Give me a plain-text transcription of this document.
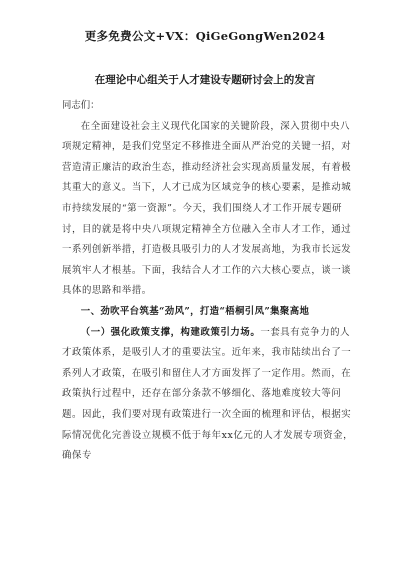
更多免费公文+VX：QiGeGongWen2024
在理论中心组关于人才建设专题研讨会上的发言

同志们：

在全面建设社会主义现代化国家的关键阶段，深入贯彻中央八项规定精神，是我们党坚定不移推进全面从严治党的关键一招，对营造清正廉洁的政治生态，推动经济社会实现高质量发展，有着极其重大的意义。当下，人才已成为区域竞争的核心要素，是推动城市持续发展的“第一资源”。今天，我们围绕人才工作开展专题研讨，目的就是将中央八项规定精神全方位融入全市人才工作，通过一系列创新举措，打造极具吸引力的人才发展高地，为我市长远发展筑牢人才根基。下面，我结合人才工作的六大核心要点，谈一谈具体的思路和举措。

一、劲吹平台筑基“劲风”，打造“梧桐引凤”集聚高地

（一）强化政策支撑，构建政策引力场。一套具有竞争力的人才政策体系，是吸引人才的重要法宝。近年来，我市陆续出台了一系列人才政策，在吸引和留住人才方面发挥了一定作用。然而，在政策执行过程中，还存在部分条款不够细化、落地难度较大等问题。因此，我们要对现有政策进行一次全面的梳理和评估，根据实际情况优化完善设立规模不低于每年xx亿元的人才发展专项资金，确保专
